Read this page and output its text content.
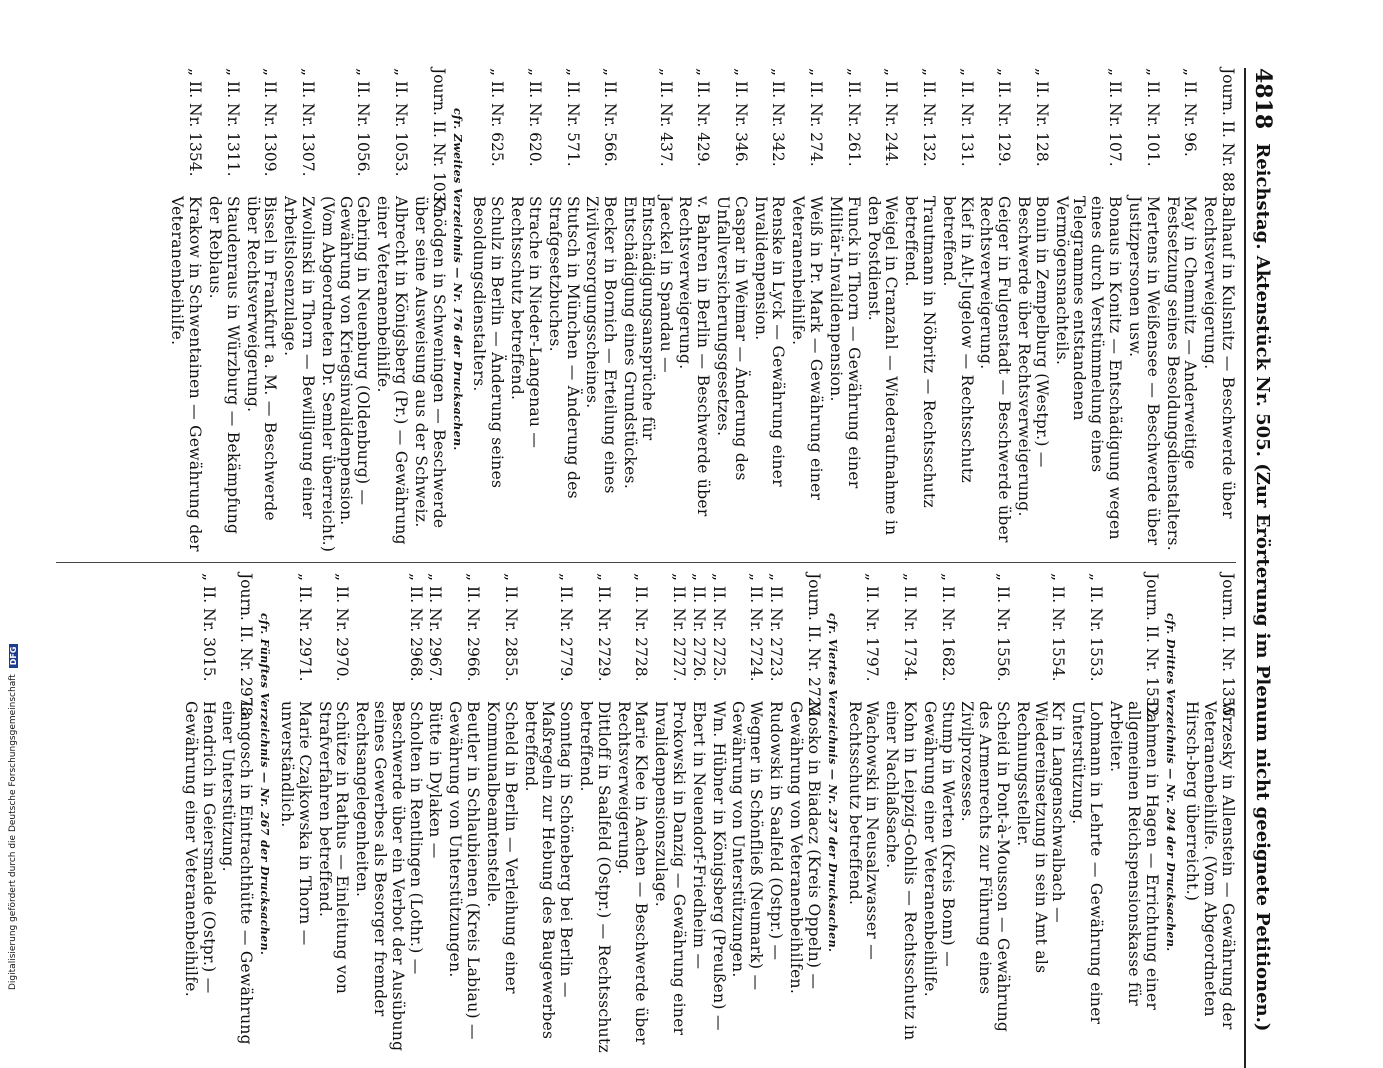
4818
Reichstag. Aktenstück Nr. 505. (Zur Erörterung im Plenum nicht geeignete Petitionen.)
Journ. II. Nr. 88.
Balhauf in Kulsnitz — Beschwerde über Rechtsverweigerung.
„ II. Nr. 96.
May in Chemnitz — Anderweitige Festsetzung seines Besoldungsdienstalters.
„ II. Nr. 101.
Mertens in Weißensee — Beschwerde über Justizpersonen usw.
„ II. Nr. 107.
Bonaus in Konitz — Entschädigung wegen eines durch Verstümmelung eines Telegrammes entstandenen Vermögensnachteils.
„ II. Nr. 128.
Bonin in Zempelburg (Westpr.) — Beschwerde über Rechtsverweigerung.
„ II. Nr. 129.
Geiger in Fulgenstadt — Beschwerde über Rechtsverweigerung.
„ II. Nr. 131.
Kief in Alt-Jugelow — Rechtsschutz betreffend.
„ II. Nr. 132.
Trautmann in Nöbritz — Rechtsschutz betreffend.
„ II. Nr. 244.
Weigel in Cranzahl — Wiederaufnahme in den Postdienst.
„ II. Nr. 261.
Funck in Thorn — Gewährung einer Militär-Invalidenpension.
„ II. Nr. 274.
Weiß in Pr. Mark — Gewährung einer Veteranenbeihilfe.
„ II. Nr. 342.
Renske in Lyck — Gewährung einer Invalidenpension.
„ II. Nr. 346.
Caspar in Weimar — Änderung des Unfallversicherungsgesetzes.
„ II. Nr. 429.
v. Bahren in Berlin — Beschwerde über Rechtsverweigerung.
„ II. Nr. 437.
Jaeckel in Spandau — Entschädigungsansprüche für Entschädigung eines Grundstückes.
„ II. Nr. 566.
Becker in Bornich — Erteilung eines Zivilversorgungsscheines.
„ II. Nr. 571.
Stutsch in München — Änderung des Strafgesetzbuches.
„ II. Nr. 620.
Strache in Nieder-Langenau — Rechtsschutz betreffend.
„ II. Nr. 625.
Schulz in Berlin — Änderung seines Besoldungsdienstalters.
cfr. Zweites Verzeichnis — Nr. 176 der Drucksachen.
Journ. II. Nr. 1037.
Knödgen in Schweningen — Beschwerde über seine Ausweisung aus der Schweiz.
„ II. Nr. 1053.
Albrecht in Königsberg (Pr.) — Gewährung einer Veteranenbeihilfe.
„ II. Nr. 1056.
Gehring in Neuenburg (Oldenburg) — Gewährung von Kriegsinvalidenpension. (Vom Abgeordneten Dr. Semler überreicht.)
„ II. Nr. 1307.
Zwolinski in Thorn — Bewilligung einer Arbeitslosenzulage.
„ II. Nr. 1309.
Bissel in Frankfurt a. M. — Beschwerde über Rechtsverweigerung.
„ II. Nr. 1311.
Staudenraus in Würzburg — Bekämpfung der Reblaus.
„ II. Nr. 1354.
Krakow in Schwentainen — Gewährung der Veteranenbeihilfe.
Journ. II. Nr. 1355.
Wrzesky in Allenstein — Gewährung der Veteranenbeihilfe. (Vom Abgeordneten Hirsch-berg überreicht.)
cfr. Drittes Verzeichnis — Nr. 204 der Drucksachen.
Journ. II. Nr. 1552.
Dahmen in Hagen — Errichtung einer allgemeinen Reichspensionskasse für Arbeiter.
„ II. Nr. 1553.
Lohmann in Lehrte — Gewährung einer Unterstützung.
„ II. Nr. 1554.
Kr in Langenschwalbach — Wiedereinsetzung in sein Amt als Rechnungssteller.
„ II. Nr. 1556.
Scheid in Pont-à-Mousson — Gewährung des Armenrechts zur Führung eines Zivilprozesses.
„ II. Nr. 1682.
Stump in Werten (Kreis Bonn) — Gewährung einer Veteranenbeihilfe.
„ II. Nr. 1734.
Kohn in Leipzig-Gohlis — Rechtsschutz in einer Nachlaßsache.
„ II. Nr. 1797.
Wachowski in Neusalzwasser — Rechtsschutz betreffend.
cfr. Viertes Verzeichnis — Nr. 237 der Drucksachen.
Journ. II. Nr. 2722.
Mosko in Biadacz (Kreis Oppeln) — Gewährung von Veteranenbeihilfen.
„ II. Nr. 2723.
Rudowski in Saalfeld (Ostpr.) —
„ II. Nr. 2724.
Wegner in Schönfließ (Neumark) — Gewährung von Unterstützungen.
„ II. Nr. 2725.
Wm. Hübner in Königsberg (Preußen) —
„ II. Nr. 2726.
Ebert in Neuendorf-Friedheim —
„ II. Nr. 2727.
Prokowski in Danzig — Gewährung einer Invalidenpensionszulage.
„ II. Nr. 2728.
Marie Klee in Aachen — Beschwerde über Rechtsverweigerung.
„ II. Nr. 2729.
Dittloff in Saalfeld (Ostpr.) — Rechtsschutz betreffend.
„ II. Nr. 2779.
Sonntag in Schöneberg bei Berlin — Maßregeln zur Hebung des Baugewerbes betreffend.
„ II. Nr. 2855.
Scheld in Berlin — Verleihung einer Kommunalbeamtenstelle.
„ II. Nr. 2966.
Beutler in Schlaubienen (Kreis Labiau) — Gewährung von Unterstützungen.
„ II. Nr. 2967.
Bütte in Dylaken —
„ II. Nr. 2968.
Scholten in Rentlingen (Lothr.) — Beschwerde über ein Verbot der Ausübung seines Gewerbes als Besorger fremder Rechtsangelegenheiten.
„ II. Nr. 2970.
Schütze in Rathus — Einleitung von Strafverfahren betreffend.
„ II. Nr. 2971.
Marie Czajkowska in Thorn — unverständlich.
cfr. Fünftes Verzeichnis — Nr. 267 der Drucksachen.
Journ. II. Nr. 2978.
Langosch in Eintrachthütte — Gewährung einer Unterstützung.
„ II. Nr. 3015.
Hendrich in Geiersmalde (Ostpr.) — Gewährung einer Veteranenbeihilfe.
Digitalisierung gefördert durch die Deutsche Forschungsgemeinschaft
DFG
